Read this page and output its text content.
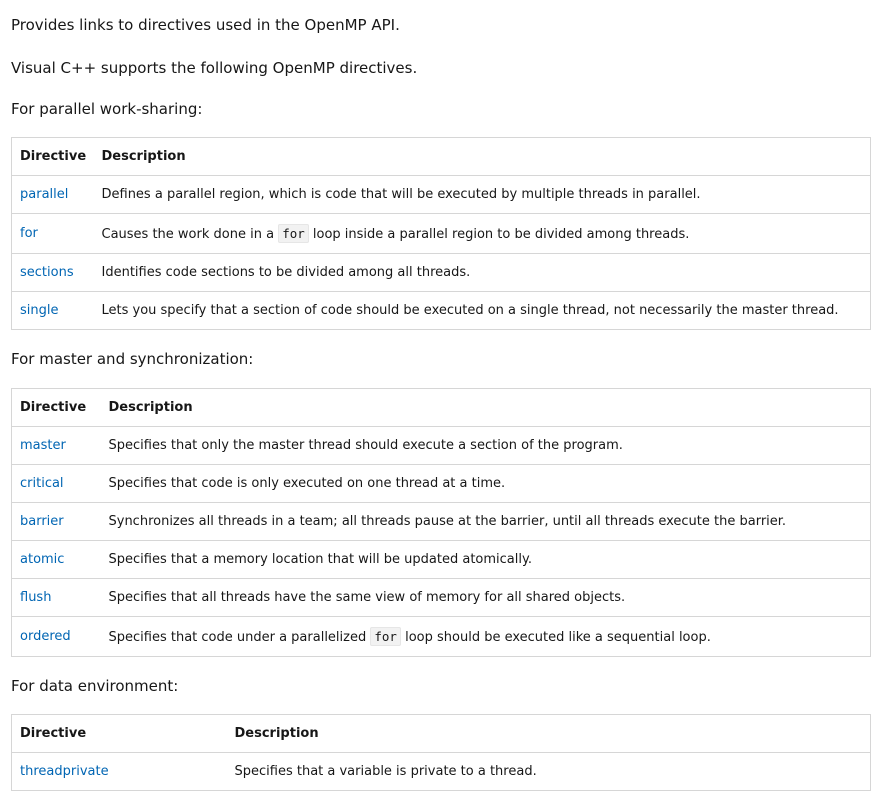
Provides links to directives used in the OpenMP API.

Visual C++ supports the following OpenMP directives.

For parallel work-sharing:

Directive	Description
parallel	Defines a parallel region, which is code that will be executed by multiple threads in parallel.
for	Causes the work done in a for loop inside a parallel region to be divided among threads.
sections	Identifies code sections to be divided among all threads.
single	Lets you specify that a section of code should be executed on a single thread, not necessarily the master thread.

For master and synchronization:

Directive	Description
master	Specifies that only the master thread should execute a section of the program.
critical	Specifies that code is only executed on one thread at a time.
barrier	Synchronizes all threads in a team; all threads pause at the barrier, until all threads execute the barrier.
atomic	Specifies that a memory location that will be updated atomically.
flush	Specifies that all threads have the same view of memory for all shared objects.
ordered	Specifies that code under a parallelized for loop should be executed like a sequential loop.

For data environment:

Directive	Description
threadprivate	Specifies that a variable is private to a thread.
